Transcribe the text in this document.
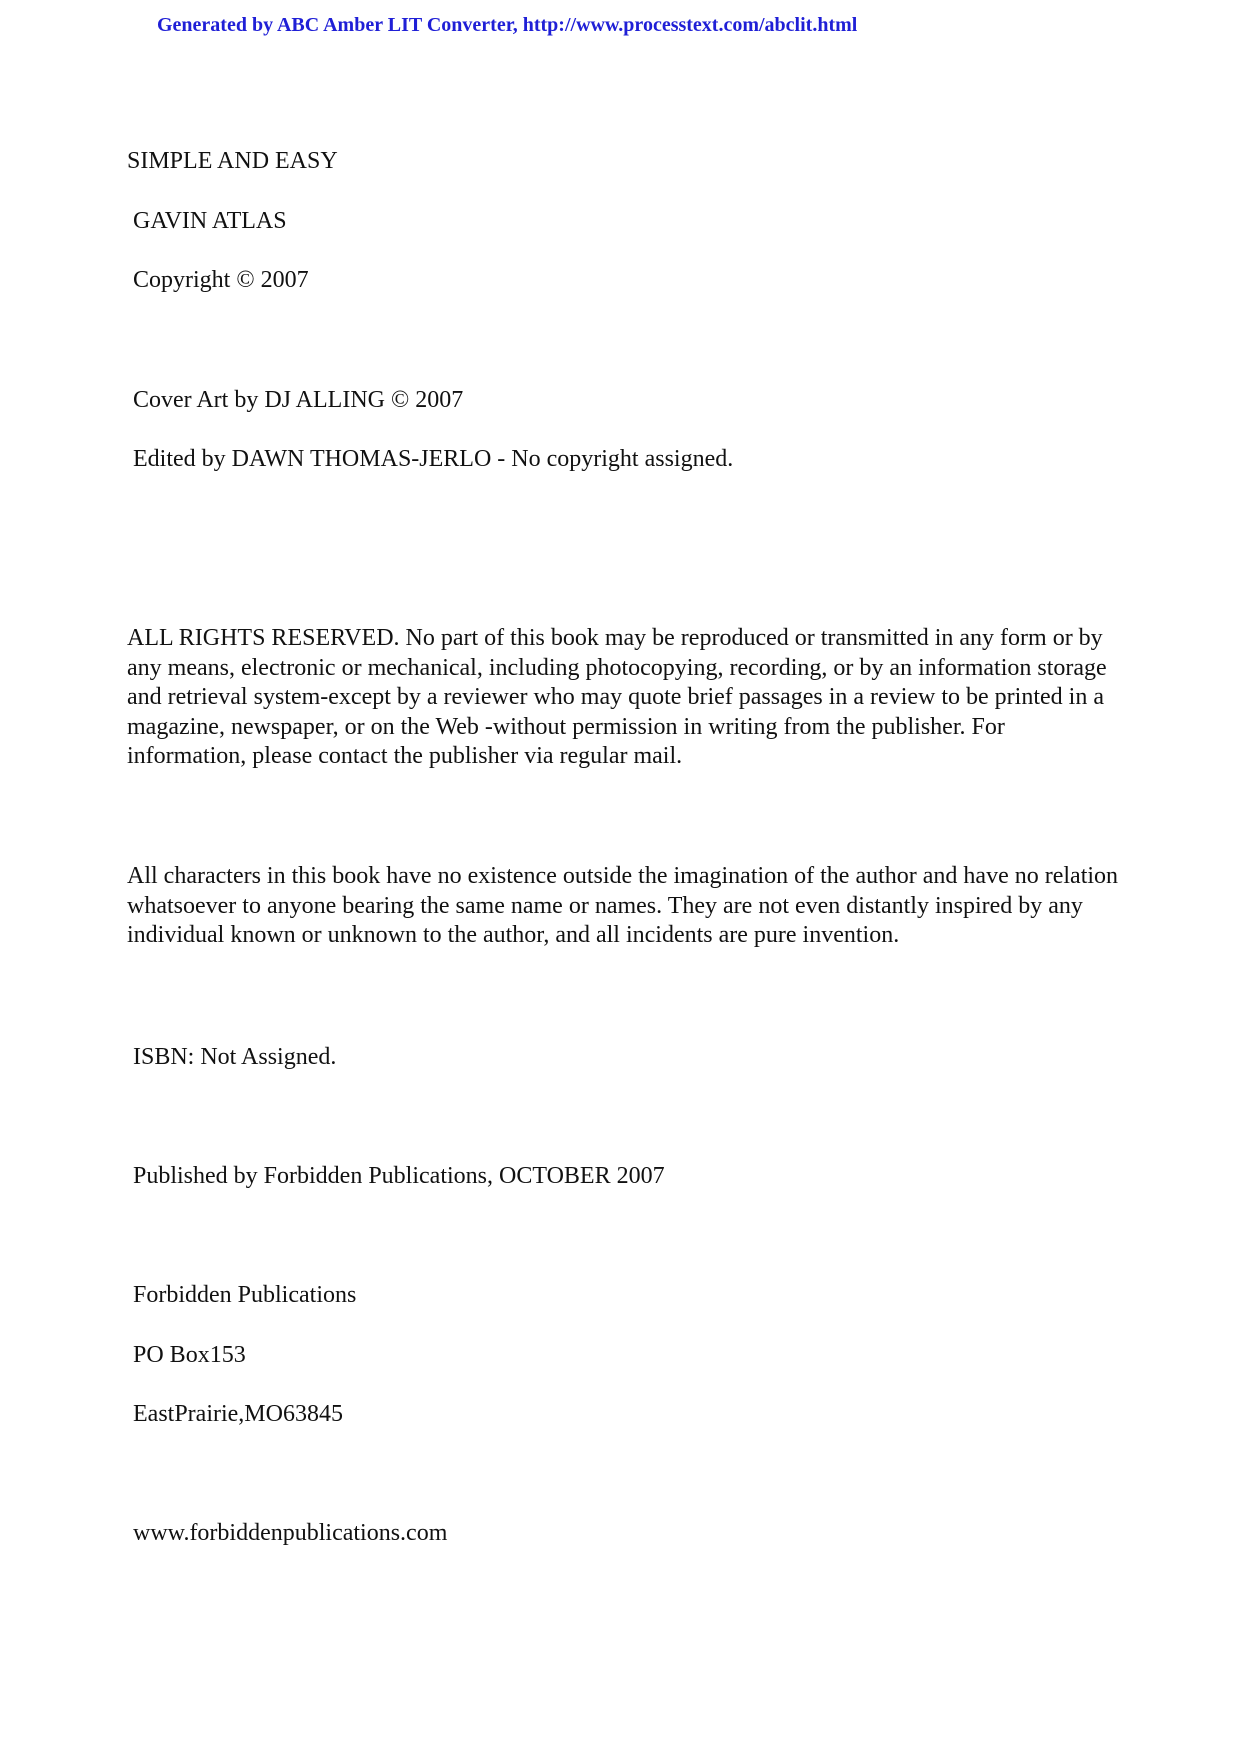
Generated by ABC Amber LIT Converter, http://www.processtext.com/abclit.html
SIMPLE AND EASY
GAVIN ATLAS
Copyright © 2007
Cover Art by DJ ALLING © 2007
Edited by DAWN THOMAS-JERLO - No copyright assigned.
ALL RIGHTS RESERVED. No part of this book may be reproduced or transmitted in any form or by any means, electronic or mechanical, including photocopying, recording, or by an information storage and retrieval system-except by a reviewer who may quote brief passages in a review to be printed in a magazine, newspaper, or on the Web -without permission in writing from the publisher. For information, please contact the publisher via regular mail.
All characters in this book have no existence outside the imagination of the author and have no relation whatsoever to anyone bearing the same name or names. They are not even distantly inspired by any individual known or unknown to the author, and all incidents are pure invention.
ISBN: Not Assigned.
Published by Forbidden Publications, OCTOBER 2007
Forbidden Publications
PO Box153
EastPrairie,MO63845
www.forbiddenpublications.com
